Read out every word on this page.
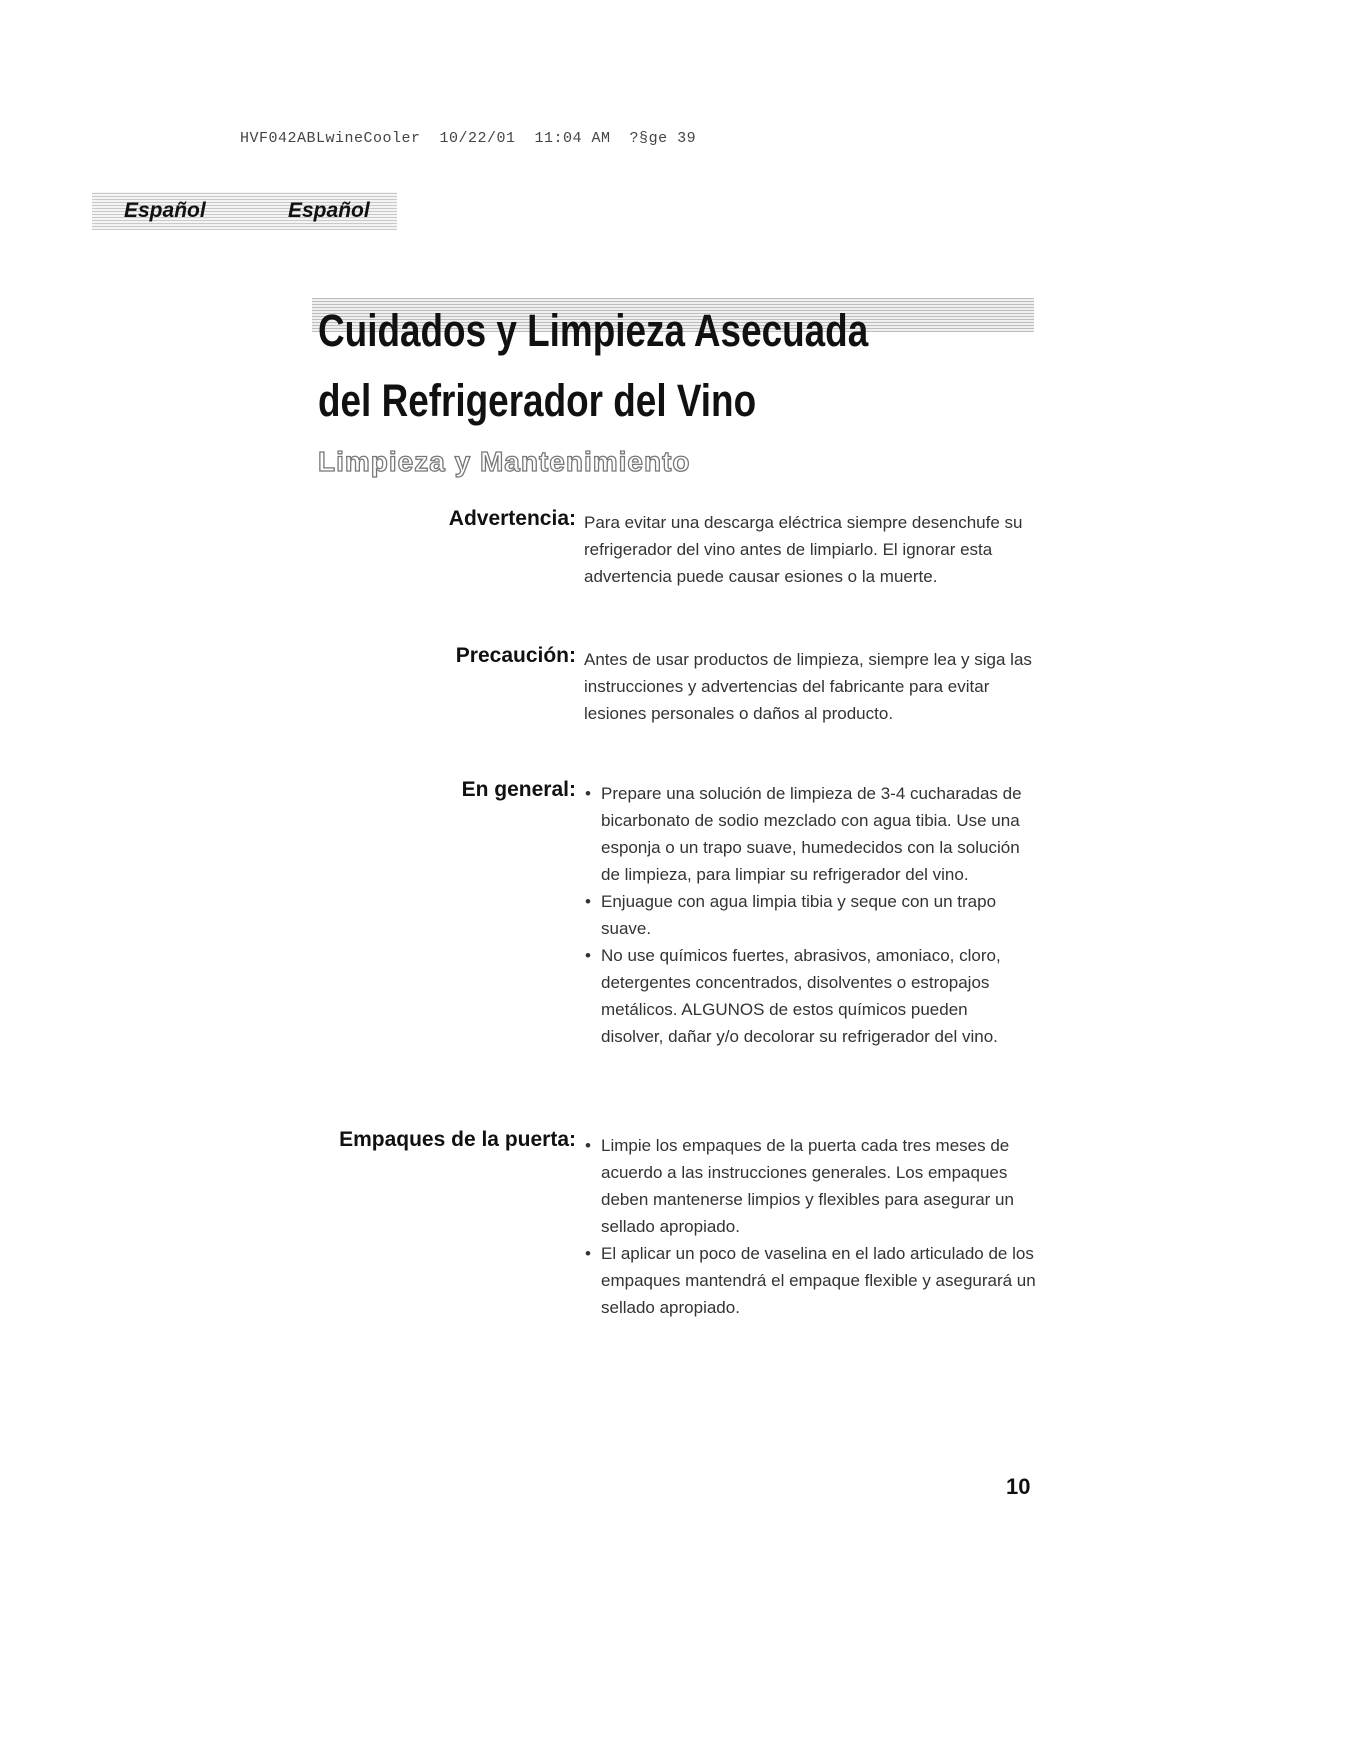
HVF042ABLwineCooler  10/22/01  11:04 AM  ?§ge 39
Español	Español
Cuidados y Limpieza Asecuada
del Refrigerador del Vino
Limpieza y Mantenimiento
Advertencia: Para evitar una descarga eléctrica siempre desenchufe su refrigerador del vino antes de limpiarlo. El ignorar esta advertencia puede causar esiones o la muerte.

Precaución: Antes de usar productos de limpieza, siempre lea y siga las instrucciones y advertencias del fabricante para evitar lesiones personales o daños al producto.

En general:	• Prepare una solución de limpieza de 3-4 cucharadas de bicarbonato de sodio mezclado con agua tibia. Use una esponja o un trapo suave, humedecidos con la solución de limpieza, para limpiar su refrigerador del vino.
• Enjuague con agua limpia tibia y seque con un trapo suave.
• No use químicos fuertes, abrasivos, amoniaco, cloro, detergentes concentrados, disolventes o estropajos metálicos. ALGUNOS de estos químicos pueden disolver, dañar y/o decolorar su refrigerador del vino.
Empaques de la puerta:	• Limpie los empaques de la puerta cada tres meses de acuerdo a las instrucciones generales. Los empaques deben mantenerse limpios y flexibles para asegurar un sellado apropiado.
• El aplicar un poco de vaselina en el lado articulado de los empaques mantendrá el empaque flexible y asegurará un sellado apropiado.
10
